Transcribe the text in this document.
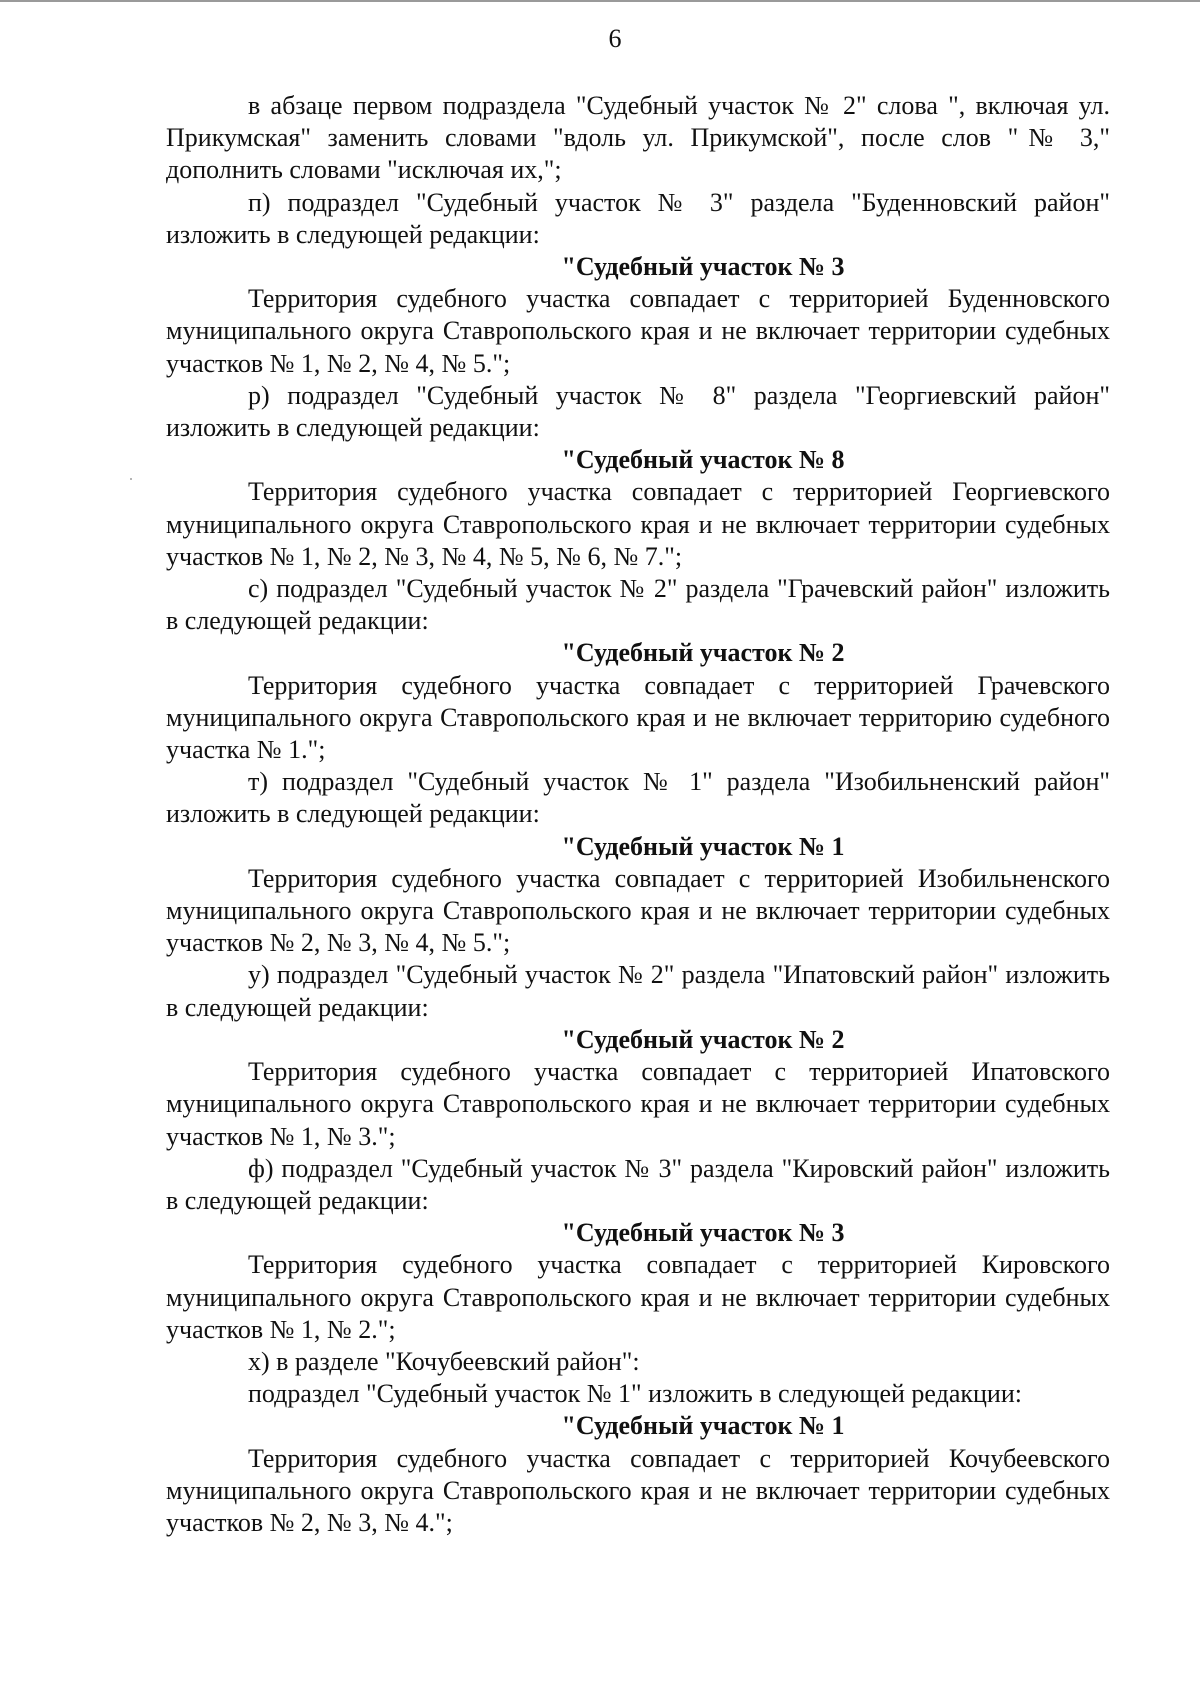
6

в абзаце первом подраздела "Судебный участок № 2" слова ", включая ул. Прикумская" заменить словами "вдоль ул. Прикумской", после слов "№ 3," дополнить словами "исключая их,";

п) подраздел "Судебный участок № 3" раздела "Буденновский район" изложить в следующей редакции:

"Судебный участок № 3

Территория судебного участка совпадает с территорией Буденновского муниципального округа Ставропольского края и не включает территории судебных участков № 1, № 2, № 4, № 5.";

р) подраздел "Судебный участок № 8" раздела "Георгиевский район" изложить в следующей редакции:

"Судебный участок № 8

Территория судебного участка совпадает с территорией Георгиевского муниципального округа Ставропольского края и не включает территории судебных участков № 1, № 2, № 3, № 4, № 5, № 6, № 7.";

с) подраздел "Судебный участок № 2" раздела "Грачевский район" изложить в следующей редакции:

"Судебный участок № 2

Территория судебного участка совпадает с территорией Грачевского муниципального округа Ставропольского края и не включает территорию судебного участка № 1.";

т) подраздел "Судебный участок № 1" раздела "Изобильненский район" изложить в следующей редакции:

"Судебный участок № 1

Территория судебного участка совпадает с территорией Изобильненского муниципального округа Ставропольского края и не включает территории судебных участков № 2, № 3, № 4, № 5.";

у) подраздел "Судебный участок № 2" раздела "Ипатовский район" изложить в следующей редакции:

"Судебный участок № 2

Территория судебного участка совпадает с территорией Ипатовского муниципального округа Ставропольского края и не включает территории судебных участков № 1, № 3.";

ф) подраздел "Судебный участок № 3" раздела "Кировский район" изложить в следующей редакции:

"Судебный участок № 3

Территория судебного участка совпадает с территорией Кировского муниципального округа Ставропольского края и не включает территории судебных участков № 1, № 2.";

х) в разделе "Кочубеевский район":

подраздел "Судебный участок № 1" изложить в следующей редакции:

"Судебный участок № 1

Территория судебного участка совпадает с территорией Кочубеевского муниципального округа Ставропольского края и не включает территории судебных участков № 2, № 3, № 4.";
